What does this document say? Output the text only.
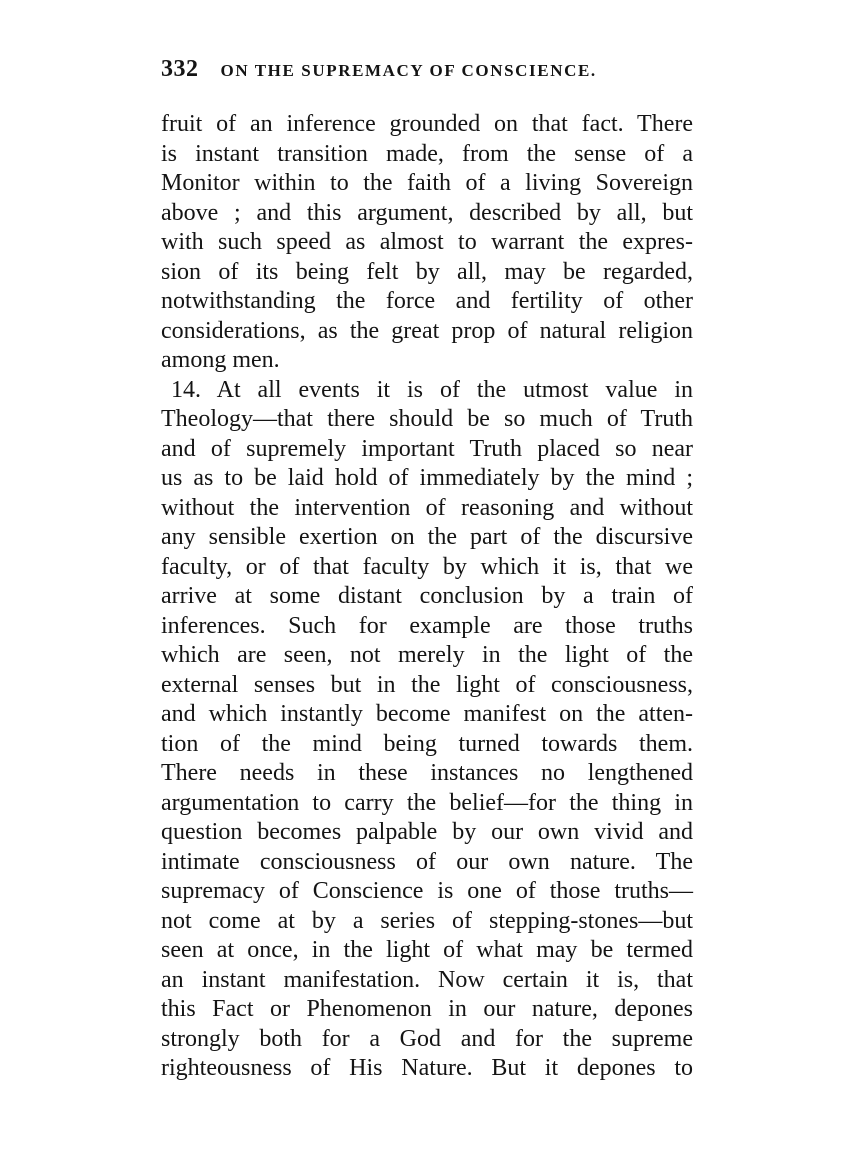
332 ON THE SUPREMACY OF CONSCIENCE.
fruit of an inference grounded on that fact. There
is instant transition made, from the sense of a
Monitor within to the faith of a living Sovereign
above ; and this argument, described by all, but
with such speed as almost to warrant the expres-
sion of its being felt by all, may be regarded,
notwithstanding the force and fertility of other
considerations, as the great prop of natural religion
among men.
14. At all events it is of the utmost value in
Theology—that there should be so much of Truth
and of supremely important Truth placed so near
us as to be laid hold of immediately by the mind ;
without the intervention of reasoning and without
any sensible exertion on the part of the discursive
faculty, or of that faculty by which it is, that we
arrive at some distant conclusion by a train of
inferences. Such for example are those truths
which are seen, not merely in the light of the
external senses but in the light of consciousness,
and which instantly become manifest on the atten-
tion of the mind being turned towards them.
There needs in these instances no lengthened
argumentation to carry the belief—for the thing in
question becomes palpable by our own vivid and
intimate consciousness of our own nature. The
supremacy of Conscience is one of those truths—
not come at by a series of stepping-stones—but
seen at once, in the light of what may be termed
an instant manifestation. Now certain it is, that
this Fact or Phenomenon in our nature, depones
strongly both for a God and for the supreme
righteousness of His Nature. But it depones to
